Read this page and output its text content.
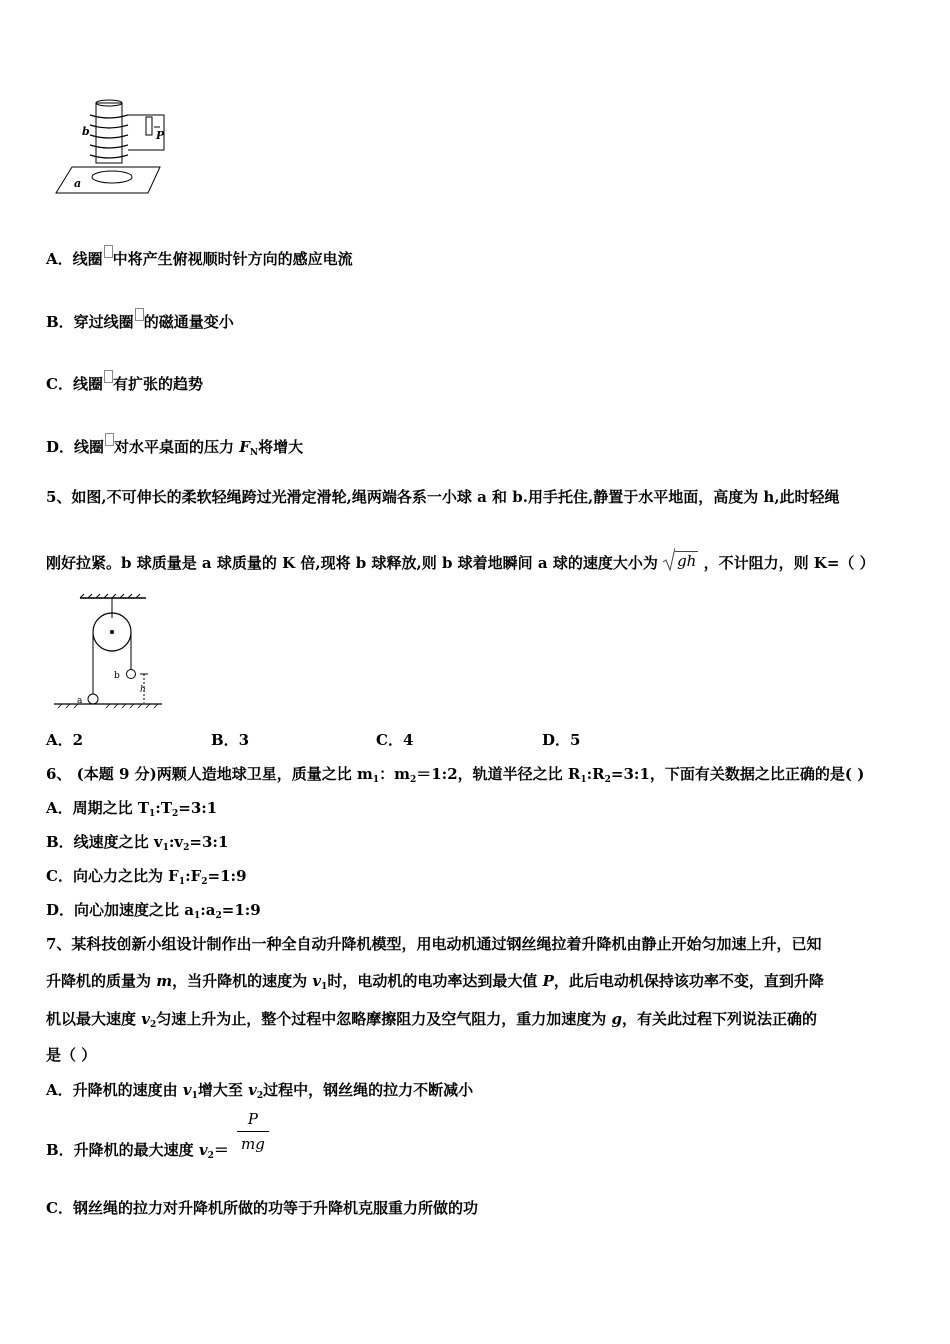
b	P
a
A．线圈 中将产生俯视顺时针方向的感应电流
B．穿过线圈 的磁通量变小
C．线圈 有扩张的趋势
D．线圈 对水平桌面的压力 $F_N$将增大
5、如图,不可伸长的柔软轻绳跨过光滑定滑轮,绳两端各系一小球 a 和 b.用手托住,静置于水平地面，高度为 h,此时轻绳
刚好拉紧。b 球质量是 a 球质量的 K 倍,现将 b 球释放,则 b 球着地瞬间 a 球的速度大小为 gh ，不计阻力，则 K=（ ）
b
a
h
A．2	B．3	C．4	D．5
6、 (本题 9 分)两颗人造地球卫星，质量之比 $m_1$：$m_2=1:2$，轨道半径之比 $R_1:R_2=3:1$，下面有关数据之比正确的是( )
A．周期之比 $T_1:T_2=3:1$
B．线速度之比 $v_1:v_2=3:1$
C．向心力之比为 $F_1:F_2=1:9$
D．向心加速度之比 $a_1:a_2=1:9$
7、某科技创新小组设计制作出一种全自动升降机模型，用电动机通过钢丝绳拉着升降机由静止开始匀加速上升，已知
升降机的质量为 m，当升降机的速度为 $v_1$时，电动机的电功率达到最大值 P，此后电动机保持该功率不变，直到升降
机以最大速度 $v_2$匀速上升为止，整个过程中忽略摩擦阻力及空气阻力，重力加速度为 g，有关此过程下列说法正确的
是（ ）
A．升降机的速度由 $v_1$增大至 $v_2$过程中，钢丝绳的拉力不断减小
B．升降机的最大速度 $v_2=$
P
mg
C．钢丝绳的拉力对升降机所做的功等于升降机克服重力所做的功
